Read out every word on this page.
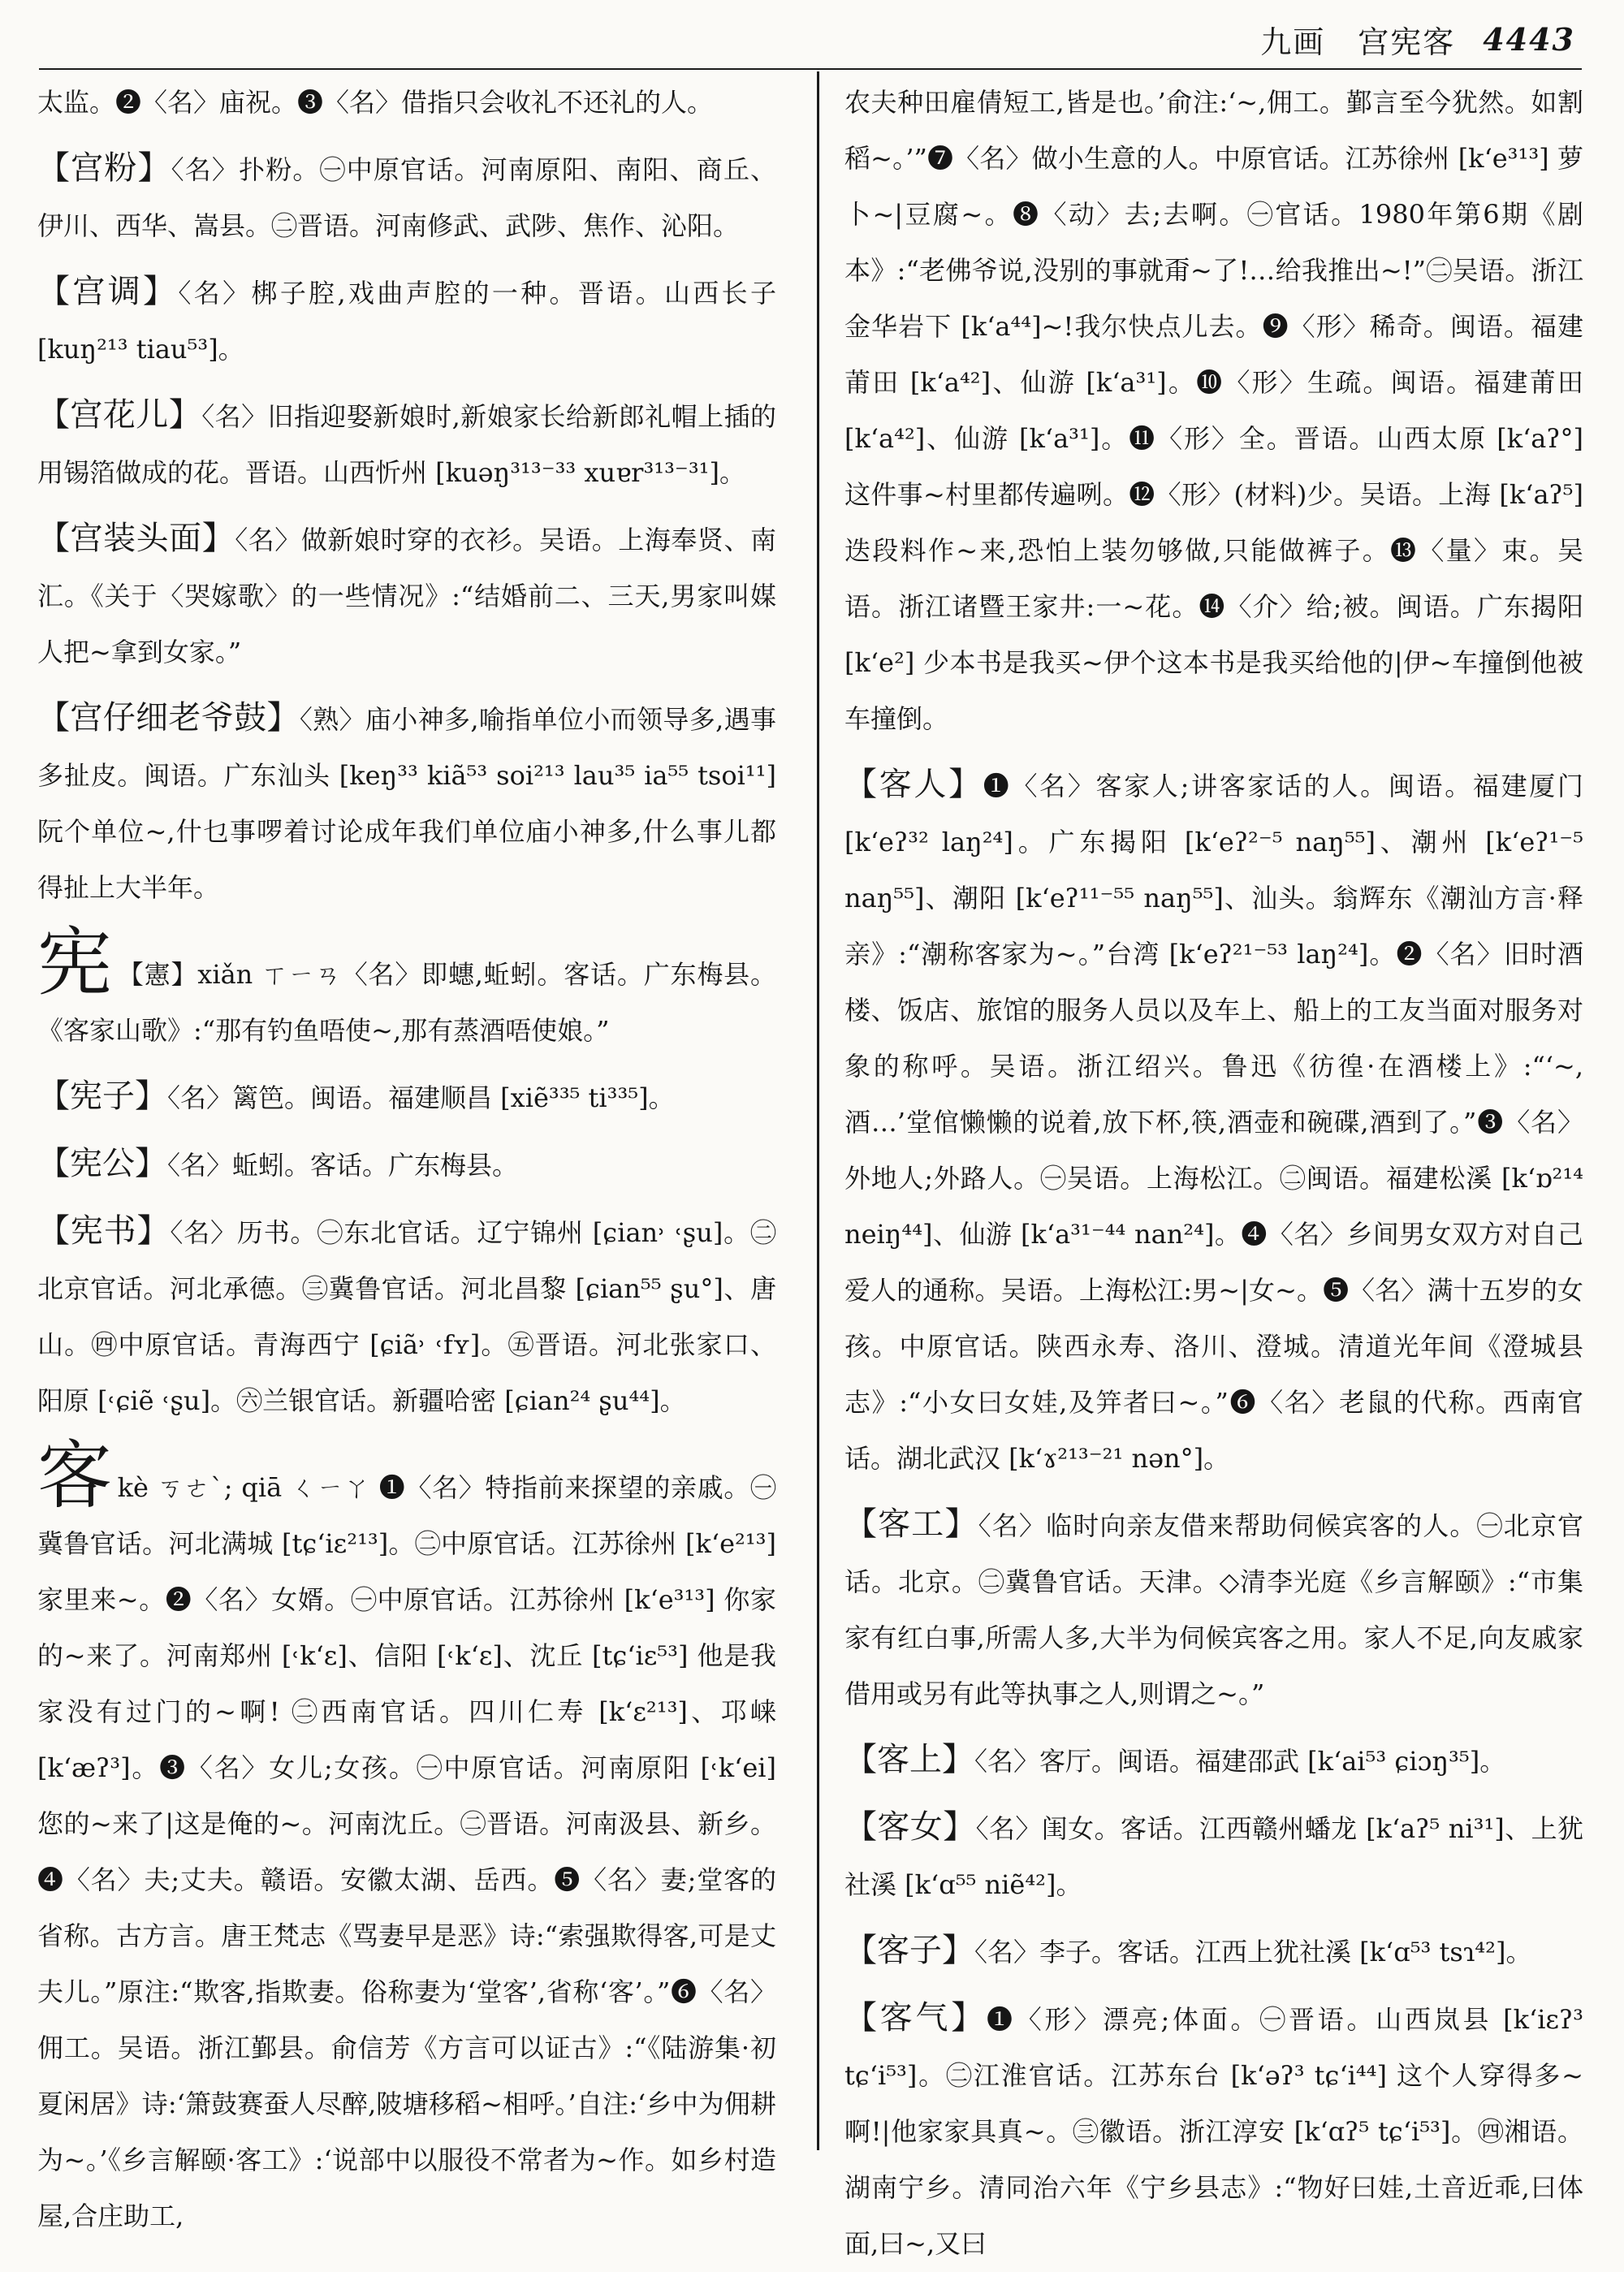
九画　宫宪客 4443
太监。❷〈名〉庙祝。❸〈名〉借指只会收礼不还礼的人。
【宫粉】〈名〉扑粉。㊀中原官话。河南原阳、南阳、商丘、伊川、西华、嵩县。㊁晋语。河南修武、武陟、焦作、沁阳。
【宫调】〈名〉梆子腔,戏曲声腔的一种。晋语。山西长子 [kuŋ²¹³ tiau⁵³]。
【宫花儿】〈名〉旧指迎娶新娘时,新娘家长给新郎礼帽上插的用锡箔做成的花。晋语。山西忻州 [kuəŋ³¹³⁻³³ xuɐr³¹³⁻³¹]。
【宫装头面】〈名〉做新娘时穿的衣衫。吴语。上海奉贤、南汇。《关于〈哭嫁歌〉的一些情况》:“结婚前二、三天,男家叫媒人把~拿到女家。”
【宫仔细老爷鼓】〈熟〉庙小神多,喻指单位小而领导多,遇事多扯皮。闽语。广东汕头 [keŋ³³ kiã⁵³ soi²¹³ lau³⁵ ia⁵⁵ tsoi¹¹] 阮个单位~,什乜事啰着讨论成年我们单位庙小神多,什么事儿都得扯上大半年。
宪 【憲】xiǎn ㄒㄧㄢ〈名〉即蟪,蚯蚓。客话。广东梅县。《客家山歌》:“那有钓鱼唔使~,那有蒸酒唔使娘。”
【宪子】〈名〉篱笆。闽语。福建顺昌 [xiẽ³³⁵ ti³³⁵]。
【宪公】〈名〉蚯蚓。客话。广东梅县。
【宪书】〈名〉历书。㊀东北官话。辽宁锦州 [ɕian˒ ˓ʂu]。㊁北京官话。河北承德。㊂冀鲁官话。河北昌黎 [ɕian⁵⁵ ʂu°]、唐山。㊃中原官话。青海西宁 [ɕiã˒ ˓fʏ]。㊄晋语。河北张家口、阳原 [˓ɕiẽ ˓ʂu]。㊅兰银官话。新疆哈密 [ɕian²⁴ ʂu⁴⁴]。
客kè ㄎㄜˋ; qiā ㄑㄧㄚ ❶〈名〉特指前来探望的亲戚。㊀冀鲁官话。河北满城 [tɕʻiɛ²¹³]。㊁中原官话。江苏徐州 [kʻe²¹³] 家里来~。❷〈名〉女婿。㊀中原官话。江苏徐州 [kʻe³¹³] 你家的~来了。河南郑州 [˓kʻɛ]、信阳 [˓kʻɛ]、沈丘 [tɕʻiɛ⁵³] 他是我家没有过门的~啊! ㊁西南官话。四川仁寿 [kʻɛ²¹³]、邛崃 [kʻæʔ³]。❸〈名〉女儿;女孩。㊀中原官话。河南原阳 [˓kʻei] 您的~来了|这是俺的~。河南沈丘。㊁晋语。河南汲县、新乡。❹〈名〉夫;丈夫。赣语。安徽太湖、岳西。❺〈名〉妻;堂客的省称。古方言。唐王梵志《骂妻早是恶》诗:“索强欺得客,可是丈夫儿。”原注:“欺客,指欺妻。俗称妻为‘堂客’,省称‘客’。”❻〈名〉佣工。吴语。浙江鄞县。俞信芳《方言可以证古》:“《陆游集·初夏闲居》诗:‘箫鼓赛蚕人尽醉,陂塘移稻~相呼。’自注:‘乡中为佣耕为~。’《乡言解颐·客工》:‘说部中以服役不常者为~作。如乡村造屋,合庄助工,
农夫种田雇倩短工,皆是也。’俞注:‘~,佣工。鄞言至今犹然。如割稻~。’”❼〈名〉做小生意的人。中原官话。江苏徐州 [kʻe³¹³] 萝卜~|豆腐~。❽〈动〉去;去啊。㊀官话。1980年第6期《剧本》:“老佛爷说,没别的事就甭~了!…给我推出~!”㊁吴语。浙江金华岩下 [kʻa⁴⁴]~!我尔快点儿去。❾〈形〉稀奇。闽语。福建莆田 [kʻa⁴²]、仙游 [kʻa³¹]。❿〈形〉生疏。闽语。福建莆田 [kʻa⁴²]、仙游 [kʻa³¹]。⓫〈形〉全。晋语。山西太原 [kʻaʔ°] 这件事~村里都传遍咧。⓬〈形〉(材料)少。吴语。上海 [kʻaʔ⁵] 迭段料作~来,恐怕上装勿够做,只能做裤子。⓭〈量〉束。吴语。浙江诸暨王家井:一~花。⓮〈介〉给;被。闽语。广东揭阳 [kʻe²] 少本书是我买~伊个这本书是我买给他的|伊~车撞倒他被车撞倒。
【客人】❶〈名〉客家人;讲客家话的人。闽语。福建厦门 [kʻeʔ³² laŋ²⁴]。广东揭阳 [kʻeʔ²⁻⁵ naŋ⁵⁵]、潮州 [kʻeʔ¹⁻⁵ naŋ⁵⁵]、潮阳 [kʻeʔ¹¹⁻⁵⁵ naŋ⁵⁵]、汕头。翁辉东《潮汕方言·释亲》:“潮称客家为~。”台湾 [kʻeʔ²¹⁻⁵³ laŋ²⁴]。❷〈名〉旧时酒楼、饭店、旅馆的服务人员以及车上、船上的工友当面对服务对象的称呼。吴语。浙江绍兴。鲁迅《彷徨·在酒楼上》:“‘~,酒…’堂倌懒懒的说着,放下杯,筷,酒壶和碗碟,酒到了。”❸〈名〉外地人;外路人。㊀吴语。上海松江。㊁闽语。福建松溪 [kʻɒ²¹⁴ neiŋ⁴⁴]、仙游 [kʻa³¹⁻⁴⁴ nan²⁴]。❹〈名〉乡间男女双方对自己爱人的通称。吴语。上海松江:男~|女~。❺〈名〉满十五岁的女孩。中原官话。陕西永寿、洛川、澄城。清道光年间《澄城县志》:“小女曰女娃,及笄者曰~。”❻〈名〉老鼠的代称。西南官话。湖北武汉 [kʻɤ²¹³⁻²¹ nən°]。
【客工】〈名〉临时向亲友借来帮助伺候宾客的人。㊀北京官话。北京。㊁冀鲁官话。天津。◇清李光庭《乡言解颐》:“市集家有红白事,所需人多,大半为伺候宾客之用。家人不足,向友戚家借用或另有此等执事之人,则谓之~。”
【客上】〈名〉客厅。闽语。福建邵武 [kʻai⁵³ ɕiɔŋ³⁵]。
【客女】〈名〉闺女。客话。江西赣州蟠龙 [kʻaʔ⁵ ni³¹]、上犹社溪 [kʻɑ⁵⁵ niẽ⁴²]。
【客子】〈名〉李子。客话。江西上犹社溪 [kʻɑ⁵³ tsɿ⁴²]。
【客气】❶〈形〉漂亮;体面。㊀晋语。山西岚县 [kʻiɛʔ³ tɕʻi⁵³]。㊁江淮官话。江苏东台 [kʻəʔ³ tɕʻi⁴⁴] 这个人穿得多~啊!|他家家具真~。㊂徽语。浙江淳安 [kʻɑʔ⁵ tɕʻi⁵³]。㊃湘语。湖南宁乡。清同治六年《宁乡县志》:“物好曰娃,土音近乖,曰体面,曰~,又曰
